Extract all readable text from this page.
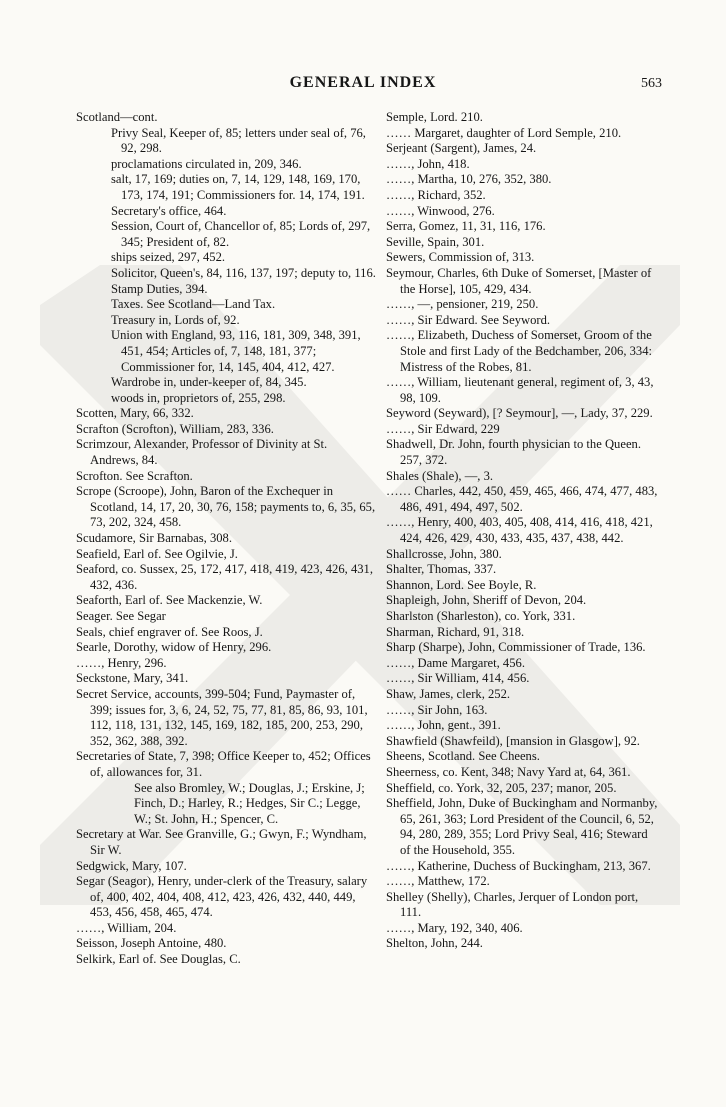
GENERAL INDEX	563
Scotland—cont.
Privy Seal, Keeper of, 85; letters under seal of, 76, 92, 298.
proclamations circulated in, 209, 346.
salt, 17, 169; duties on, 7, 14, 129, 148, 169, 170, 173, 174, 191; Commissioners for. 14, 174, 191.
Secretary's office, 464.
Session, Court of, Chancellor of, 85; Lords of, 297, 345; President of, 82.
ships seized, 297, 452.
Solicitor, Queen's, 84, 116, 137, 197; deputy to, 116.
Stamp Duties, 394.
Taxes. See Scotland—Land Tax.
Treasury in, Lords of, 92.
Union with England, 93, 116, 181, 309, 348, 391, 451, 454; Articles of, 7, 148, 181, 377; Commissioner for, 14, 145, 404, 412, 427.
Wardrobe in, under-keeper of, 84, 345.
woods in, proprietors of, 255, 298.
Scotten, Mary, 66, 332.
Scrafton (Scrofton), William, 283, 336.
Scrimzour, Alexander, Professor of Divinity at St. Andrews, 84.
Scrofton. See Scrafton.
Scrope (Scroope), John, Baron of the Exchequer in Scotland, 14, 17, 20, 30, 76, 158; payments to, 6, 35, 65, 73, 202, 324, 458.
Scudamore, Sir Barnabas, 308.
Seafield, Earl of. See Ogilvie, J.
Seaford, co. Sussex, 25, 172, 417, 418, 419, 423, 426, 431, 432, 436.
Seaforth, Earl of. See Mackenzie, W.
Seager. See Segar
Seals, chief engraver of. See Roos, J.
Searle, Dorothy, widow of Henry, 296.
……, Henry, 296.
Seckstone, Mary, 341.
Secret Service, accounts, 399-504; Fund, Paymaster of, 399; issues for, 3, 6, 24, 52, 75, 77, 81, 85, 86, 93, 101, 112, 118, 131, 132, 145, 169, 182, 185, 200, 253, 290, 352, 362, 388, 392.
Secretaries of State, 7, 398; Office Keeper to, 452; Offices of, allowances for, 31.
See also Bromley, W.; Douglas, J.; Erskine, J; Finch, D.; Harley, R.; Hedges, Sir C.; Legge, W.; St. John, H.; Spencer, C.
Secretary at War. See Granville, G.; Gwyn, F.; Wyndham, Sir W.
Sedgwick, Mary, 107.
Segar (Seagor), Henry, under-clerk of the Treasury, salary of, 400, 402, 404, 408, 412, 423, 426, 432, 440, 449, 453, 456, 458, 465, 474.
……, William, 204.
Seisson, Joseph Antoine, 480.
Selkirk, Earl of. See Douglas, C.
Semple, Lord. 210.
…… Margaret, daughter of Lord Semple, 210.
Serjeant (Sargent), James, 24.
……, John, 418.
……, Martha, 10, 276, 352, 380.
……, Richard, 352.
……, Winwood, 276.
Serra, Gomez, 11, 31, 116, 176.
Seville, Spain, 301.
Sewers, Commission of, 313.
Seymour, Charles, 6th Duke of Somerset, [Master of the Horse], 105, 429, 434.
……, —, pensioner, 219, 250.
……, Sir Edward. See Seyword.
……, Elizabeth, Duchess of Somerset, Groom of the Stole and first Lady of the Bedchamber, 206, 334: Mistress of the Robes, 81.
……, William, lieutenant general, regiment of, 3, 43, 98, 109.
Seyword (Seyward), [? Seymour], —, Lady, 37, 229.
……, Sir Edward, 229
Shadwell, Dr. John, fourth physician to the Queen. 257, 372.
Shales (Shale), —, 3.
…… Charles, 442, 450, 459, 465, 466, 474, 477, 483, 486, 491, 494, 497, 502.
……, Henry, 400, 403, 405, 408, 414, 416, 418, 421, 424, 426, 429, 430, 433, 435, 437, 438, 442.
Shallcrosse, John, 380.
Shalter, Thomas, 337.
Shannon, Lord. See Boyle, R.
Shapleigh, John, Sheriff of Devon, 204.
Sharlston (Sharleston), co. York, 331.
Sharman, Richard, 91, 318.
Sharp (Sharpe), John, Commissioner of Trade, 136.
……, Dame Margaret, 456.
……, Sir William, 414, 456.
Shaw, James, clerk, 252.
……, Sir John, 163.
……, John, gent., 391.
Shawfield (Shawfeild), [mansion in Glasgow], 92.
Sheens, Scotland. See Cheens.
Sheerness, co. Kent, 348; Navy Yard at, 64, 361.
Sheffield, co. York, 32, 205, 237; manor, 205.
Sheffield, John, Duke of Buckingham and Normanby, 65, 261, 363; Lord President of the Council, 6, 52, 94, 280, 289, 355; Lord Privy Seal, 416; Steward of the Household, 355.
……, Katherine, Duchess of Buckingham, 213, 367.
……, Matthew, 172.
Shelley (Shelly), Charles, Jerquer of London port, 111.
……, Mary, 192, 340, 406.
Shelton, John, 244.
